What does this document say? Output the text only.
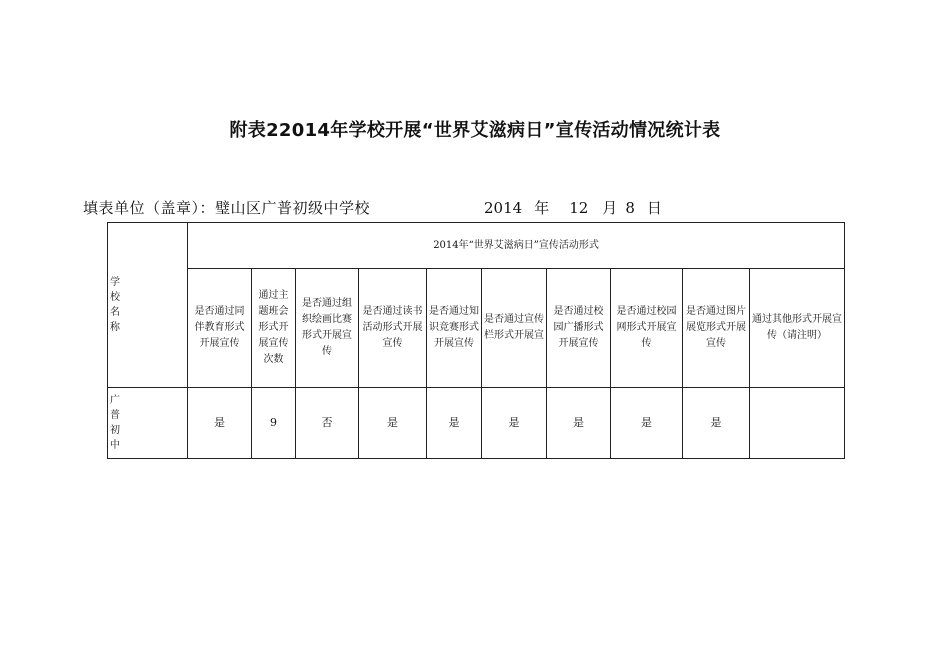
附表22014年学校开展“世界艾滋病日”宣传活动情况统计表
填表单位（盖章）：璧山区广普初级中学校	2014 年 12 月 8 日
学校名称	2014年“世界艾滋病日”宣传活动形式									
	是否通过同伴教育形式开展宣传	通过主题班会形式开展宣传次数	是否通过组织绘画比赛形式开展宣传	是否通过读书活动形式开展宣传	是否通过知识竞赛形式开展宣传	是否通过宣传栏形式开展宣	是否通过校园广播形式开展宣传	是否通过校园网形式开展宣传	是否通过图片展览形式开展宣传	通过其他形式开展宣传（请注明）
广普初中	是	9	否	是	是	是	是	是	是	
